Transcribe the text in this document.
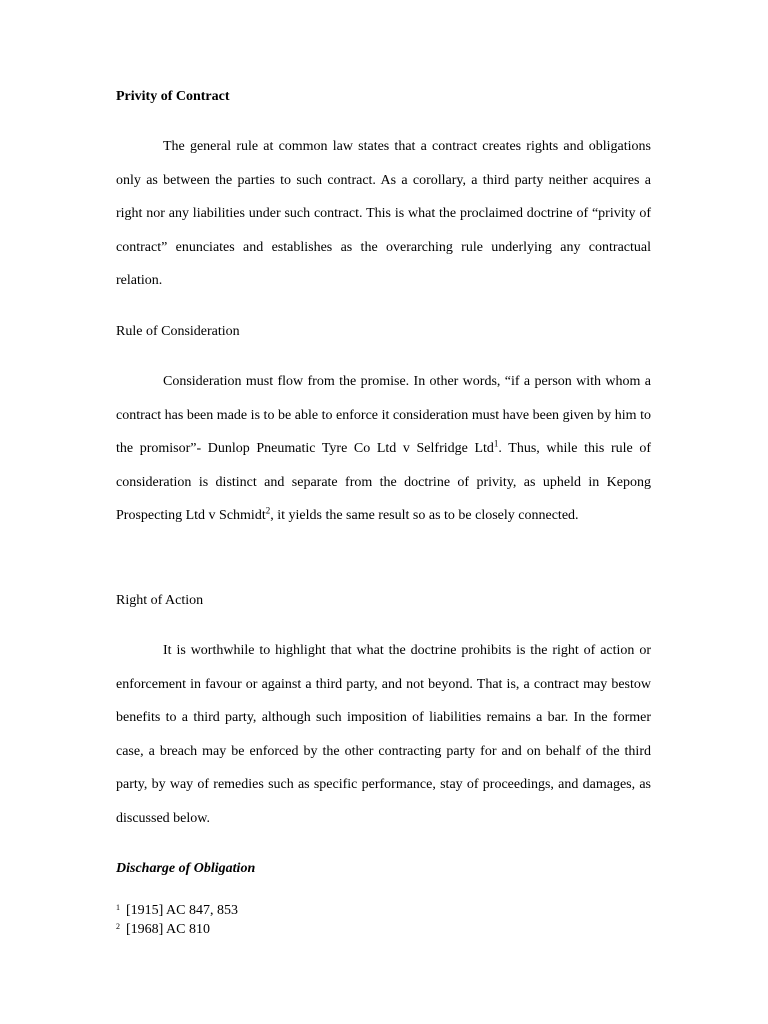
Privity of Contract

The general rule at common law states that a contract creates rights and obligations only as between the parties to such contract. As a corollary, a third party neither acquires a right nor any liabilities under such contract. This is what the proclaimed doctrine of “privity of contract” enunciates and establishes as the overarching rule underlying any contractual relation.

Rule of Consideration

Consideration must flow from the promise. In other words, “if a person with whom a contract has been made is to be able to enforce it consideration must have been given by him to the promisor”- Dunlop Pneumatic Tyre Co Ltd v Selfridge Ltd$^1$. Thus, while this rule of consideration is distinct and separate from the doctrine of privity, as upheld in Kepong Prospecting Ltd v Schmidt$^2$, it yields the same result so as to be closely connected.

Right of Action

It is worthwhile to highlight that what the doctrine prohibits is the right of action or enforcement in favour or against a third party, and not beyond. That is, a contract may bestow benefits to a third party, although such imposition of liabilities remains a bar. In the former case, a breach may be enforced by the other contracting party for and on behalf of the third party, by way of remedies such as specific performance, stay of proceedings, and damages, as discussed below.

Discharge of Obligation
1 [1915] AC 847, 853
2 [1968] AC 810
